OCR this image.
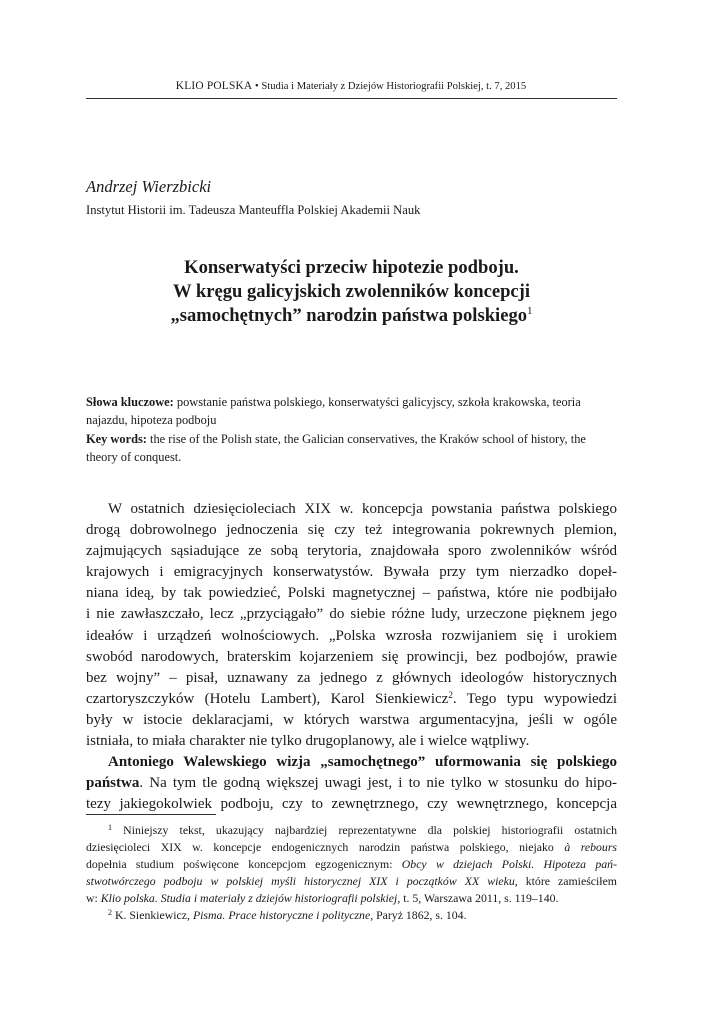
KLIO POLSKA • Studia i Materiały z Dziejów Historiografii Polskiej, t. 7, 2015
Andrzej Wierzbicki
Instytut Historii im. Tadeusza Manteuffla Polskiej Akademii Nauk
Konserwatyści przeciw hipotezie podboju.
W kręgu galicyjskich zwolenników koncepcji
„samochętnych” narodzin państwa polskiego$^1$

Słowa kluczowe: powstanie państwa polskiego, konserwatyści galicyjscy, szkoła krakowska, teoria
najazdu, hipoteza podboju

Key words: the rise of the Polish state, the Galician conservatives, the Kraków school of history, the
theory of conquest.

W ostatnich dziesięcioleciach XIX w. koncepcja powstania państwa polskiego
drogą dobrowolnego jednoczenia się czy też integrowania pokrewnych plemion,
zajmujących sąsiadujące ze sobą terytoria, znajdowała sporo zwolenników wśród
krajowych i emigracyjnych konserwatystów. Bywała przy tym nierzadko dopeł-
niana ideą, by tak powiedzieć, Polski magnetycznej – państwa, które nie podbijało
i nie zawłaszczało, lecz „przyciągało” do siebie różne ludy, urzeczone pięknem jego
ideałów i urządzeń wolnościowych. „Polska wzrosła rozwijaniem się i urokiem
swobód narodowych, braterskim kojarzeniem się prowincji, bez podbojów, prawie
bez wojny” – pisał, uznawany za jednego z głównych ideologów historycznych
czartoryszczyków (Hotelu Lambert), Karol Sienkiewicz$^2$. Tego typu wypowiedzi
były w istocie deklaracjami, w których warstwa argumentacyjna, jeśli w ogóle
istniała, to miała charakter nie tylko drugoplanowy, ale i wielce wątpliwy.
Antoniego Walewskiego wizja „samochętnego” uformowania się polskiego
państwa. Na tym tle godną większej uwagi jest, i to nie tylko w stosunku do hipo-
tezy jakiegokolwiek podboju, czy to zewnętrznego, czy wewnętrznego, koncepcja
$^1$ Niniejszy tekst, ukazujący najbardziej reprezentatywne dla polskiej historiografii ostatnich
dziesięcioleci XIX w. koncepcje endogenicznych narodzin państwa polskiego, niejako à rebours
dopełnia studium poświęcone koncepcjom egzogenicznym: Obcy w dziejach Polski. Hipoteza pań-
stwotwórczego podboju w polskiej myśli historycznej XIX i początków XX wieku, które zamieściłem
w: Klio polska. Studia i materiały z dziejów historiografii polskiej, t. 5, Warszawa 2011, s. 119–140.
$^2$ K. Sienkiewicz, Pisma. Prace historyczne i polityczne, Paryż 1862, s. 104.
